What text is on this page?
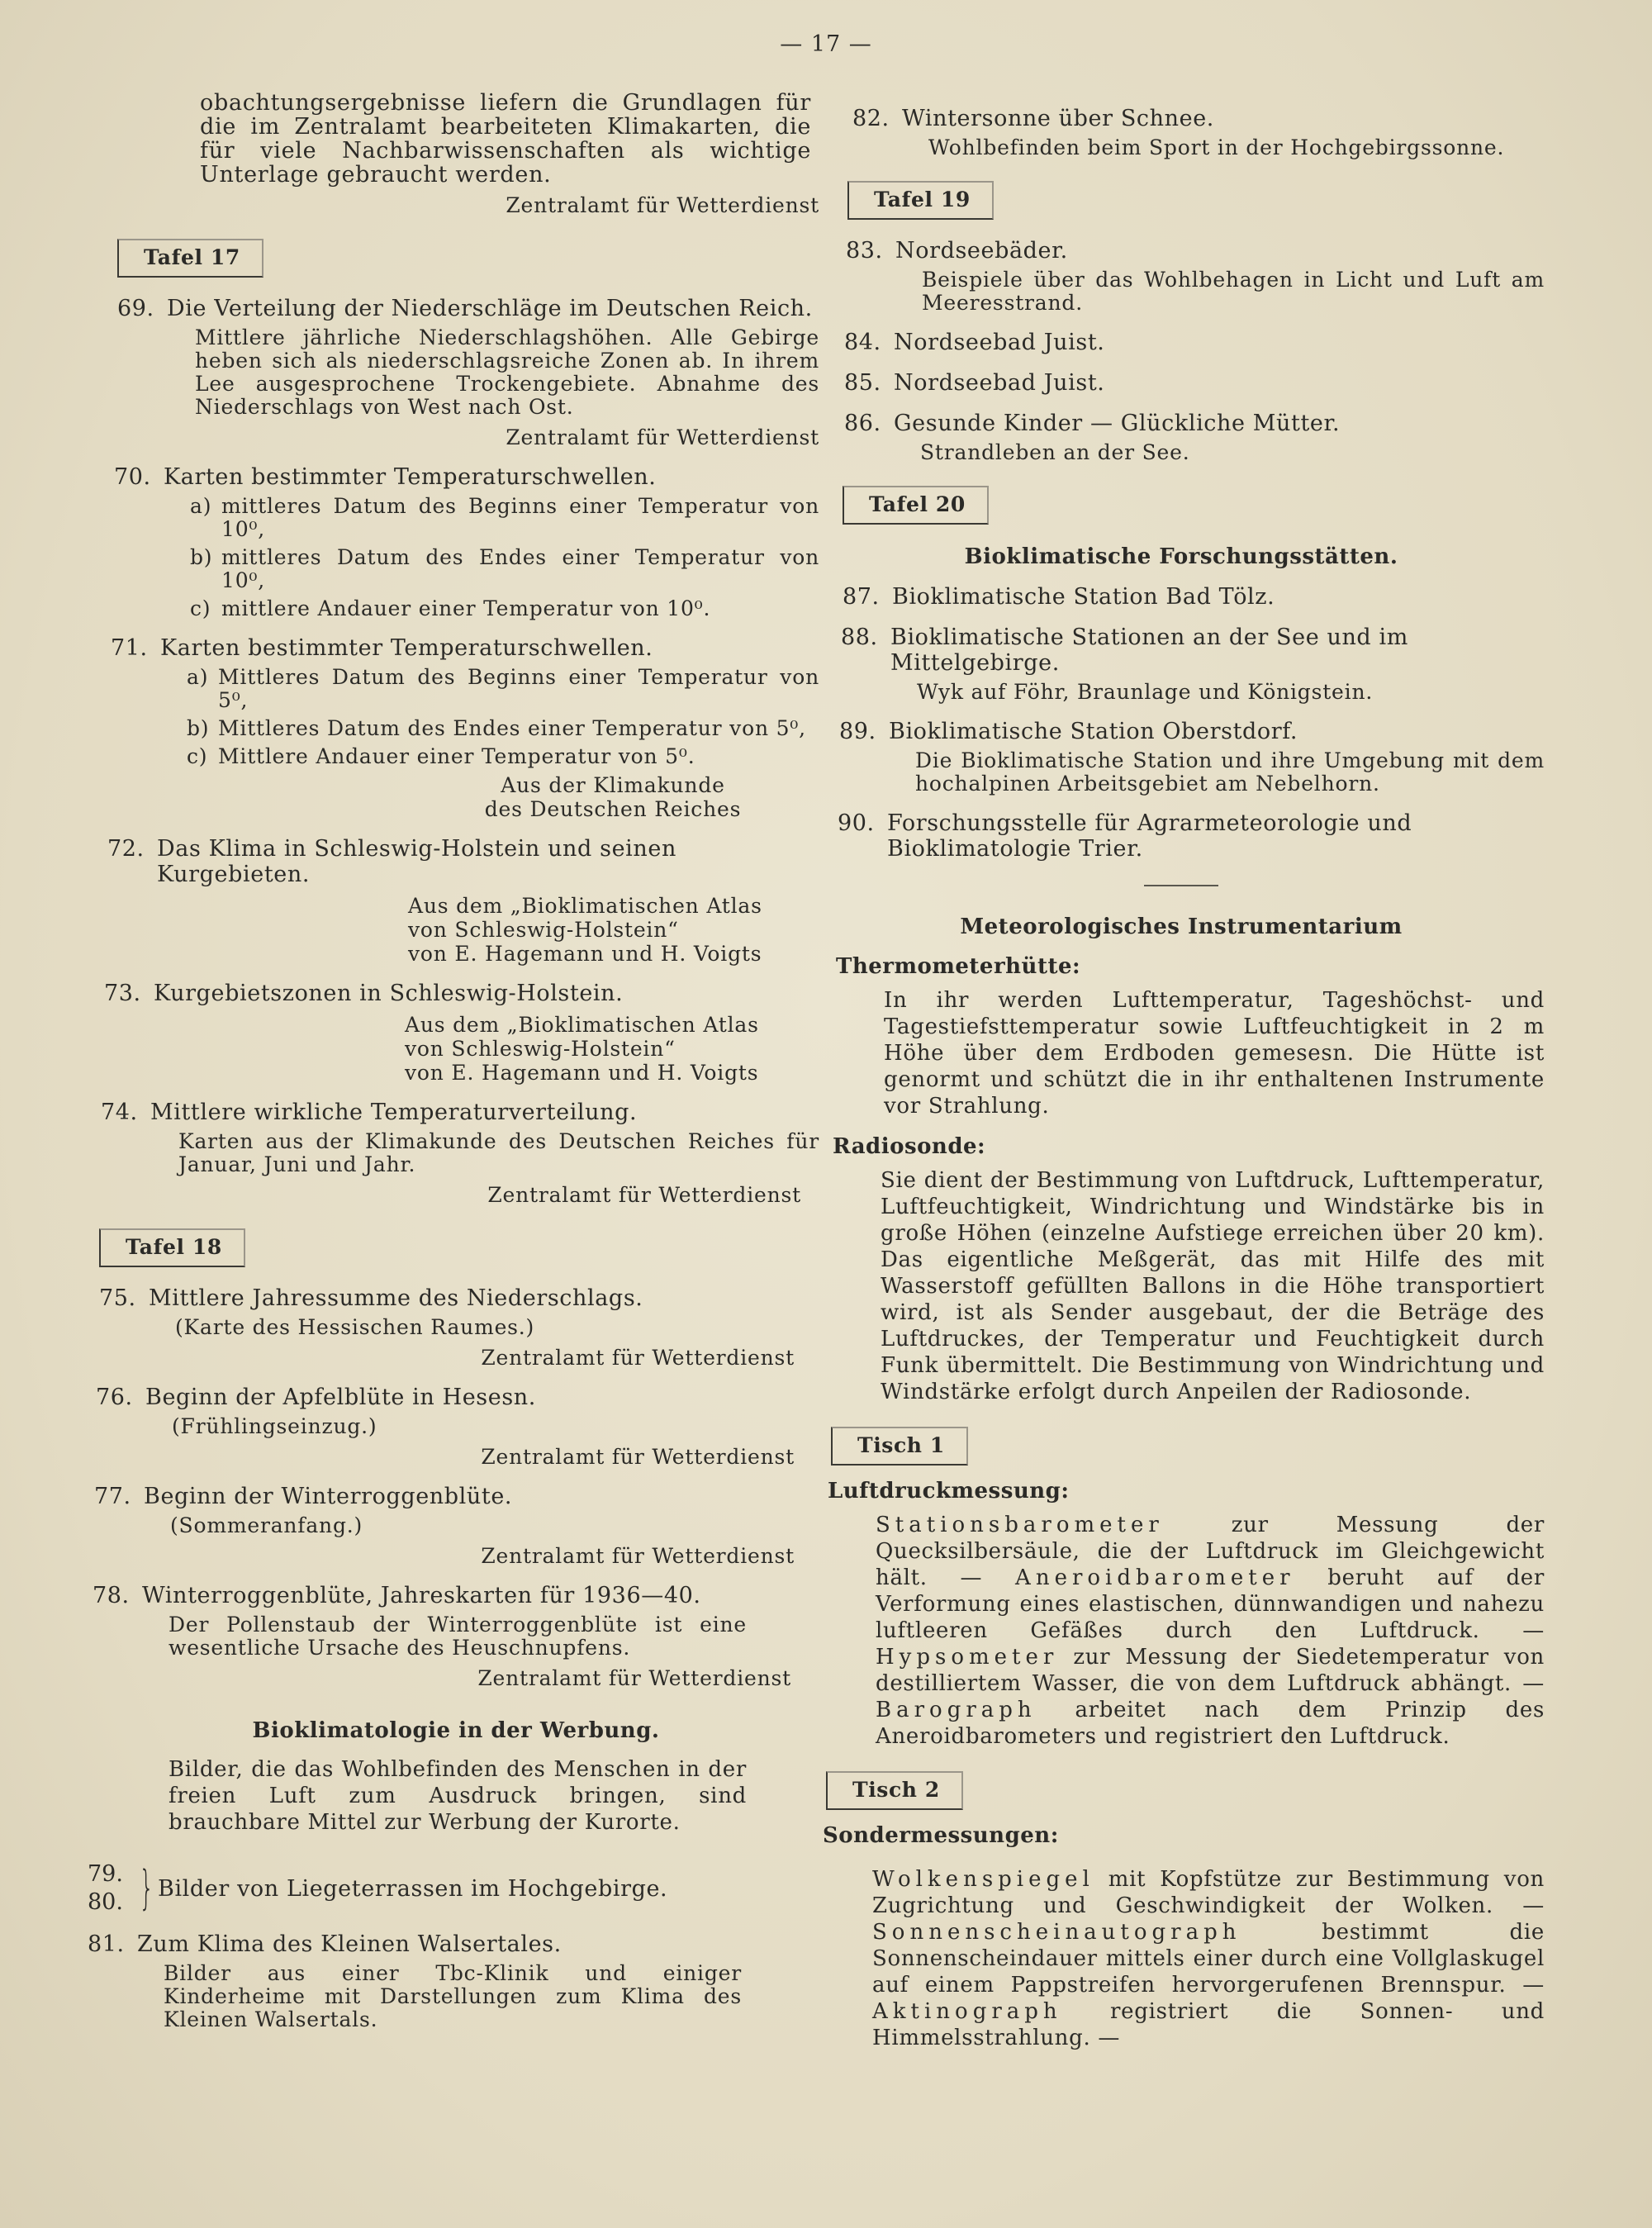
— 17 —

obachtungsergebnisse liefern die Grundlagen für die im Zentralamt bearbeiteten Klimakarten, die für viele Nachbarwissenschaften als wichtige Unterlage gebraucht werden.

Zentralamt für Wetterdienst

Tafel 17
69. Die Verteilung der Niederschläge im Deutschen Reich.

Mittlere jährliche Niederschlagshöhen. Alle Gebirge heben sich als niederschlagsreiche Zonen ab. In ihrem Lee ausgesprochene Trockengebiete. Abnahme des Niederschlags von West nach Ost.

Zentralamt für Wetterdienst

70. Karten bestimmter Temperaturschwellen.
a) mittleres Datum des Beginns einer Temperatur von 10⁰,
b) mittleres Datum des Endes einer Temperatur von 10⁰,
c) mittlere Andauer einer Temperatur von 10⁰.
71. Karten bestimmter Temperaturschwellen.
a) Mittleres Datum des Beginns einer Temperatur von 5⁰,
b) Mittleres Datum des Endes einer Temperatur von 5⁰,
c) Mittlere Andauer einer Temperatur von 5⁰.

Aus der Klimakunde

des Deutschen Reiches

72. Das Klima in Schleswig-Holstein und seinen Kurgebieten.

Aus dem „Bioklimatischen Atlas

von Schleswig-Holstein“

von E. Hagemann und H. Voigts

73. Kurgebietszonen in Schleswig-Holstein.

Aus dem „Bioklimatischen Atlas

von Schleswig-Holstein“

von E. Hagemann und H. Voigts

74. Mittlere wirkliche Temperaturverteilung.

Karten aus der Klimakunde des Deutschen Reiches für Januar, Juni und Jahr.

Zentralamt für Wetterdienst

Tafel 18
75. Mittlere Jahressumme des Niederschlags.

(Karte des Hessischen Raumes.)

Zentralamt für Wetterdienst

76. Beginn der Apfelblüte in Hesesn.

(Frühlingseinzug.)

Zentralamt für Wetterdienst

77. Beginn der Winterroggenblüte.

(Sommeranfang.)

Zentralamt für Wetterdienst

78. Winterroggenblüte, Jahreskarten für 1936—40.

Der Pollenstaub der Winterroggenblüte ist eine wesentliche Ursache des Heuschnupfens.

Zentralamt für Wetterdienst

Bioklimatologie in der Werbung.

Bilder, die das Wohlbefinden des Menschen in der freien Luft zum Ausdruck bringen, sind brauchbare Mittel zur Werbung der Kurorte.

79.
80. } Bilder von Liegeterrassen im Hochgebirge.
81. Zum Klima des Kleinen Walsertales.

Bilder aus einer Tbc-Klinik und einiger Kinderheime mit Darstellungen zum Klima des Kleinen Walsertals.

82. Wintersonne über Schnee.

Wohlbefinden beim Sport in der Hochgebirgssonne.

Tafel 19
83. Nordseebäder.

Beispiele über das Wohlbehagen in Licht und Luft am Meeresstrand.

84. Nordseebad Juist.
85. Nordseebad Juist.
86. Gesunde Kinder — Glückliche Mütter.

Strandleben an der See.

Tafel 20

Bioklimatische Forschungsstätten.

87. Bioklimatische Station Bad Tölz.
88. Bioklimatische Stationen an der See und im Mittelgebirge.

Wyk auf Föhr, Braunlage und Königstein.

89. Bioklimatische Station Oberstdorf.

Die Bioklimatische Station und ihre Umgebung mit dem hochalpinen Arbeitsgebiet am Nebelhorn.

90. Forschungsstelle für Agrarmeteorologie und Bioklimatologie Trier.

Meteorologisches Instrumentarium

Thermometerhütte:

In ihr werden Lufttemperatur, Tageshöchst- und Tagestiefsttemperatur sowie Luftfeuchtigkeit in 2 m Höhe über dem Erdboden gemesesn. Die Hütte ist genormt und schützt die in ihr enthaltenen Instrumente vor Strahlung.

Radiosonde:

Sie dient der Bestimmung von Luftdruck, Lufttemperatur, Luftfeuchtigkeit, Windrichtung und Windstärke bis in große Höhen (einzelne Aufstiege erreichen über 20 km). Das eigentliche Meßgerät, das mit Hilfe des mit Wasserstoff gefüllten Ballons in die Höhe transportiert wird, ist als Sender ausgebaut, der die Beträge des Luftdruckes, der Temperatur und Feuchtigkeit durch Funk übermittelt. Die Bestimmung von Windrichtung und Windstärke erfolgt durch Anpeilen der Radiosonde.

Tisch 1

Luftdruckmessung:

Stationsbarometer zur Messung der Quecksilbersäule, die der Luftdruck im Gleichgewicht hält. — Aneroidbarometer beruht auf der Verformung eines elastischen, dünnwandigen und nahezu luftleeren Gefäßes durch den Luftdruck. — Hypsometer zur Messung der Siedetemperatur von destilliertem Wasser, die von dem Luftdruck abhängt. — Barograph arbeitet nach dem Prinzip des Aneroidbarometers und registriert den Luftdruck.

Tisch 2

Sondermessungen:

Wolkenspiegel mit Kopfstütze zur Bestimmung von Zugrichtung und Geschwindigkeit der Wolken. — Sonnenscheinautograph bestimmt die Sonnenscheindauer mittels einer durch eine Vollglaskugel auf einem Pappstreifen hervorgerufenen Brennspur. — Aktinograph registriert die Sonnen- und Himmelsstrahlung. —
